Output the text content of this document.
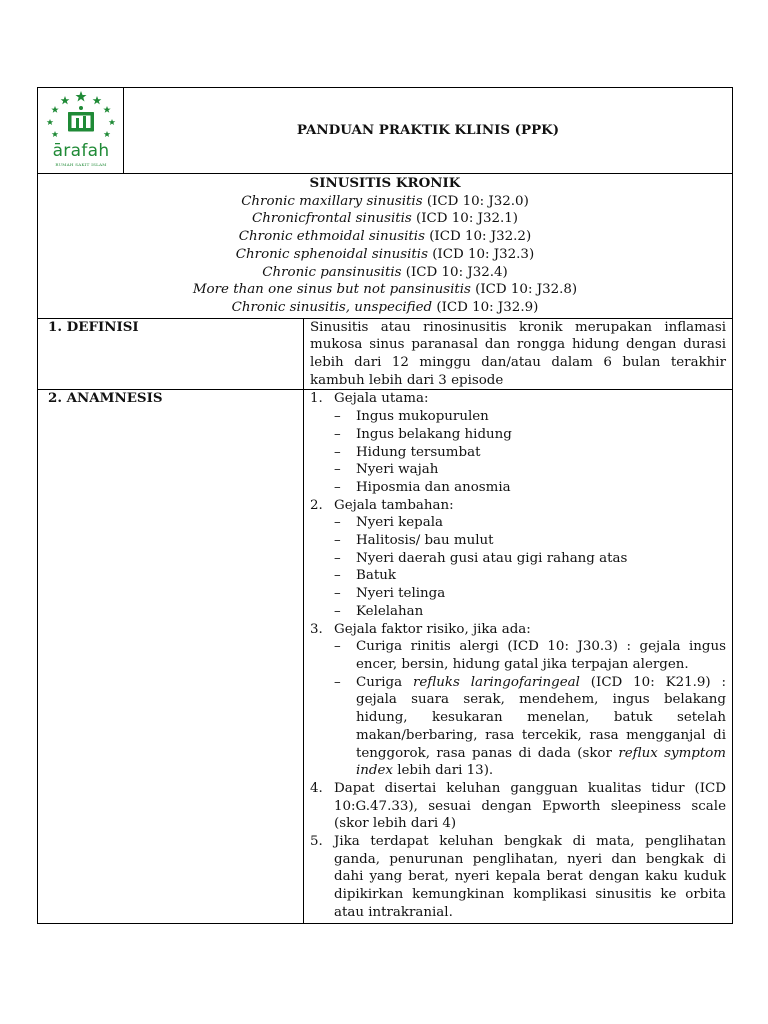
ārafah
RUMAH SAKIT ISLAM
PANDUAN PRAKTIK KLINIS (PPK)
SINUSITIS KRONIK
Chronic maxillary sinusitis (ICD 10: J32.0)
Chronicfrontal sinusitis (ICD 10: J32.1)
Chronic ethmoidal sinusitis (ICD 10: J32.2)
Chronic sphenoidal sinusitis (ICD 10: J32.3)
Chronic pansinusitis (ICD 10: J32.4)
More than one sinus but not pansinusitis (ICD 10: J32.8)
Chronic sinusitis, unspecified (ICD 10: J32.9)
1. DEFINISI	Sinusitis atau rinosinusitis kronik merupakan inflamasi mukosa sinus paranasal dan rongga hidung dengan durasi lebih dari 12 minggu dan/atau dalam 6 bulan terakhir kambuh lebih dari 3 episode
2. ANAMNESIS	1. Gejala utama:
–	Ingus mukopurulen
–	Ingus belakang hidung
–	Hidung tersumbat
–	Nyeri wajah
–	Hiposmia dan anosmia
2. Gejala tambahan:
–	Nyeri kepala
–	Halitosis/ bau mulut
–	Nyeri daerah gusi atau gigi rahang atas
–	Batuk
–	Nyeri telinga
–	Kelelahan
3. Gejala faktor risiko, jika ada:
–	Curiga rinitis alergi (ICD 10: J30.3) : gejala ingus encer, bersin, hidung gatal jika terpajan alergen.
–	Curiga refluks laringofaringeal (ICD 10: K21.9) : gejala suara serak, mendehem, ingus belakang hidung, kesukaran menelan, batuk setelah makan/berbaring, rasa tercekik, rasa mengganjal di tenggorok, rasa panas di dada (skor reflux symptom index lebih dari 13).
4. Dapat disertai keluhan gangguan kualitas tidur (ICD 10:G.47.33), sesuai dengan Epworth sleepiness scale (skor lebih dari 4)
5. Jika terdapat keluhan bengkak di mata, penglihatan ganda, penurunan penglihatan, nyeri dan bengkak di dahi yang berat, nyeri kepala berat dengan kaku kuduk dipikirkan kemungkinan komplikasi sinusitis ke orbita atau intrakranial.
